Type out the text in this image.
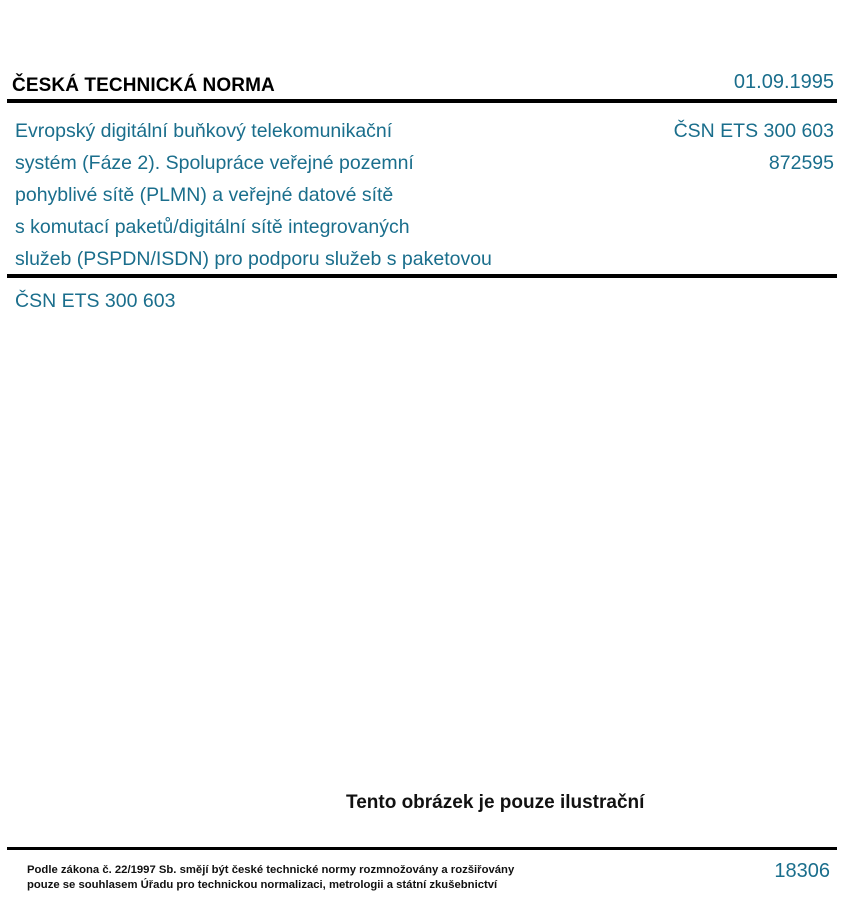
ČESKÁ TECHNICKÁ NORMA	01.09.1995
Evropský digitální buňkový telekomunikační
systém (Fáze 2). Spolupráce veřejné pozemní
pohyblivé sítě (PLMN) a veřejné datové sítě
s komutací paketů/digitální sítě integrovaných
služeb (PSPDN/ISDN) pro podporu služeb s paketovou
ČSN ETS 300 603
872595
ČSN ETS 300 603
Tento obrázek je pouze ilustrační
Podle zákona č. 22/1997 Sb. smějí být české technické normy rozmnožovány a rozšiřovány
pouze se souhlasem Úřadu pro technickou normalizaci, metrologii a státní zkušebnictví
18306
